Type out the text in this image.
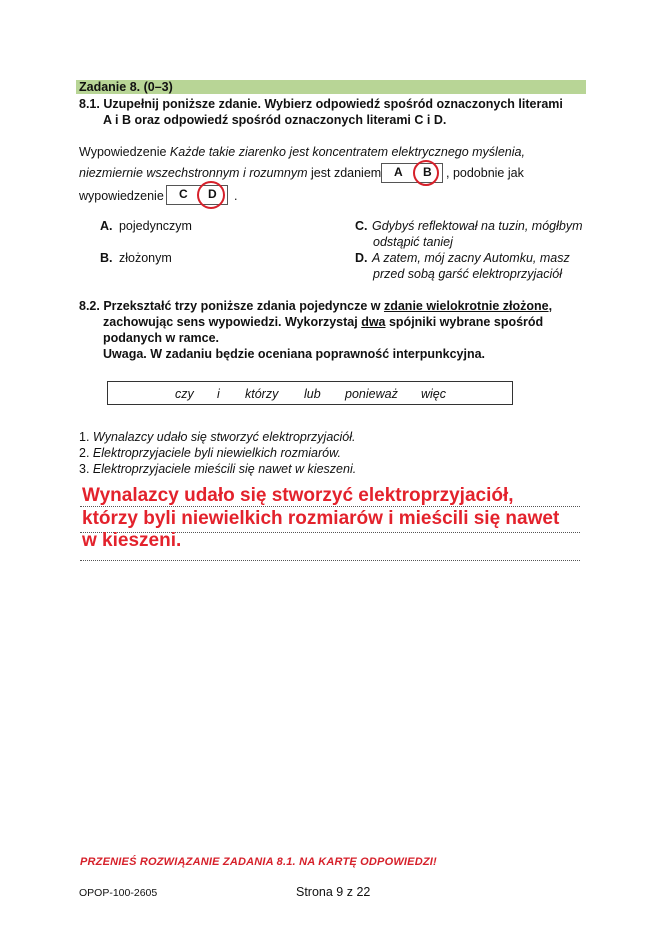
Zadanie 8. (0–3)
8.1. Uzupełnij poniższe zdanie. Wybierz odpowiedź spośród oznaczonych literami
A i B oraz odpowiedź spośród oznaczonych literami C i D.
Wypowiedzenie Każde takie ziarenko jest koncentratem elektrycznego myślenia,
niezmiernie wszechstronnym i rozumnym jest zdaniem A B , podobnie jak
wypowiedzenie C D .
A. pojedynczym
B. złożonym
C. Gdybyś reflektował na tuzin, mógłbym
odstąpić taniej
D. A zatem, mój zacny Automku, masz
przed sobą garść elektroprzyjaciół
8.2. Przekształć trzy poniższe zdania pojedyncze w zdanie wielokrotnie złożone,
zachowując sens wypowiedzi. Wykorzystaj dwa spójniki wybrane spośród
podanych w ramce.
Uwaga. W zadaniu będzie oceniana poprawność interpunkcyjna.
czy i którzy lub ponieważ więc
1. Wynalazcy udało się stworzyć elektroprzyjaciół.
2. Elektroprzyjaciele byli niewielkich rozmiarów.
3. Elektroprzyjaciele mieścili się nawet w kieszeni.
Wynalazcy udało się stworzyć elektroprzyjaciół,
którzy byli niewielkich rozmiarów i mieścili się nawet
w kieszeni.
PRZENIEŚ ROZWIĄZANIE ZADANIA 8.1. NA KARTĘ ODPOWIEDZI!
OPOP-100-2605	Strona 9 z 22
